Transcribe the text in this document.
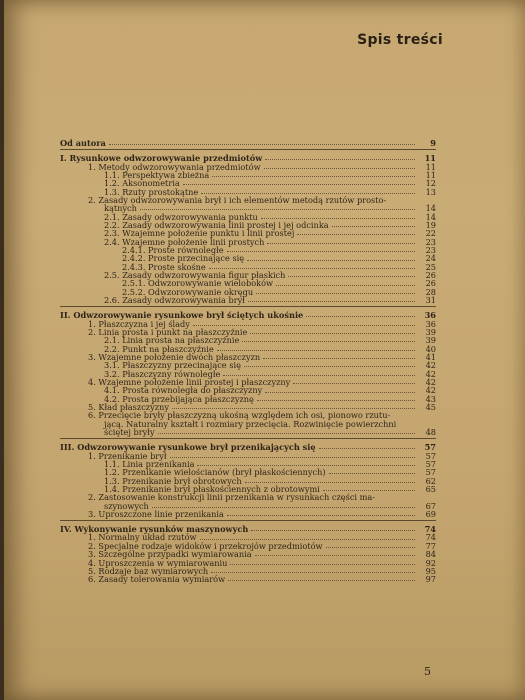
Spis treści
Od autora	9
I. Rysunkowe odwzorowywanie przedmiotów	11
1. Metody odwzorowywania przedmiotów	11
1.1. Perspektywa zbieżna	11
1.2. Aksonometria	12
1.3. Rzuty prostokątne	13
2. Zasady odwzorowywania brył i ich elementów metodą rzutów prosto-
kątnych	14
2.1. Zasady odwzorowywania punktu	14
2.2. Zasady odwzorowywania linii prostej i jej odcinka	19
2.3. Wzajemne położenie punktu i linii prostej	22
2.4. Wzajemne położenie linii prostych	23
2.4.1. Proste równoległe	23
2.4.2. Proste przecinające się	24
2.4.3. Proste skośne	25
2.5. Zasady odwzorowywania figur płaskich	26
2.5.1. Odwzorowywanie wieloboków	26
2.5.2. Odwzorowywanie okręgu	28
2.6. Zasady odwzorowywania brył	31
II. Odwzorowywanie rysunkowe brył ściętych ukośnie	36
1. Płaszczyzna i jej ślady	36
2. Linia prosta i punkt na płaszczyźnie	39
2.1. Linia prosta na płaszczyźnie	39
2.2. Punkt na płaszczyźnie	40
3. Wzajemne położenie dwóch płaszczyzn	41
3.1. Płaszczyzny przecinające się	42
3.2. Płaszczyzny równoległe	42
4. Wzajemne położenie linii prostej i płaszczyzny	42
4.1. Prosta równoległa do płaszczyzny	42
4.2. Prosta przebijająca płaszczyznę	43
5. Kład płaszczyzny	45
6. Przecięcie bryły płaszczyzną ukośną względem ich osi, pionowo rzutu-
jącą. Naturalny kształt i rozmiary przecięcia. Rozwinięcie powierzchni
ściętej bryły	48
III. Odwzorowywanie rysunkowe brył przenikających się	57
1. Przenikanie brył	57
1.1. Linia przenikania	57
1.2. Przenikanie wielościanów (brył płaskościennych)	57
1.3. Przenikanie brył obrotowych	62
1.4. Przenikanie brył płaskościennych z obrotowymi	65
2. Zastosowanie konstrukcji linii przenikania w rysunkach części ma-
szynowych	67
3. Uproszczone linie przenikania	69
IV. Wykonywanie rysunków maszynowych	74
1. Normalny układ rzutów	74
2. Specjalne rodzaje widoków i przekrojów przedmiotów	77
3. Szczególne przypadki wymiarowania	84
4. Uproszczenia w wymiarowaniu	92
5. Rodzaje baz wymiarowych	95
6. Zasady tolerowania wymiarów	97
5
